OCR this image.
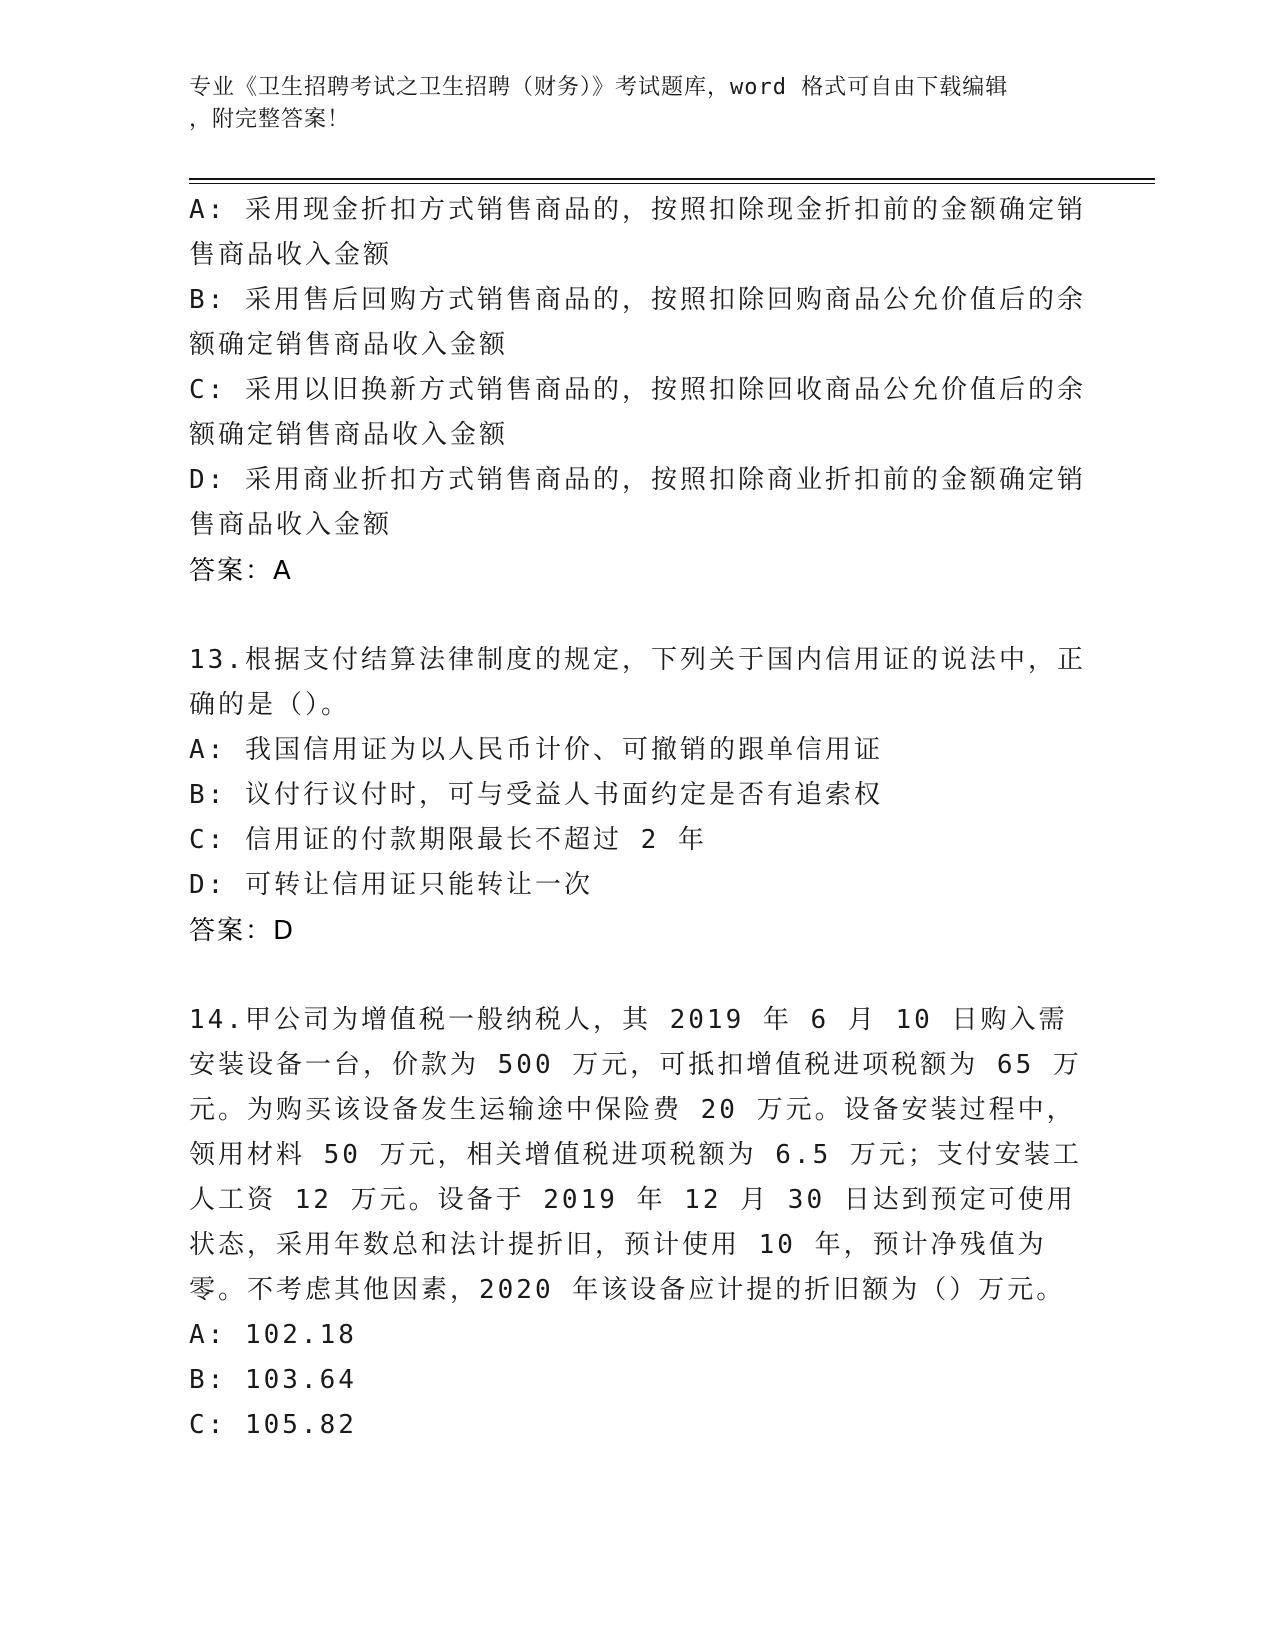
专业《卫生招聘考试之卫生招聘（财务）》考试题库，word 格式可自由下载编辑
，附完整答案！
A: 采用现金折扣方式销售商品的，按照扣除现金折扣前的金额确定销售商品收入金额
B: 采用售后回购方式销售商品的，按照扣除回购商品公允价值后的余额确定销售商品收入金额
C: 采用以旧换新方式销售商品的，按照扣除回收商品公允价值后的余额确定销售商品收入金额
D: 采用商业折扣方式销售商品的，按照扣除商业折扣前的金额确定销售商品收入金额
答案：A
13.根据支付结算法律制度的规定，下列关于国内信用证的说法中，正确的是（）。
A: 我国信用证为以人民币计价、可撤销的跟单信用证
B: 议付行议付时，可与受益人书面约定是否有追索权
C: 信用证的付款期限最长不超过 2 年
D: 可转让信用证只能转让一次
答案：D
14.甲公司为增值税一般纳税人，其 2019 年 6 月 10 日购入需安装设备一台，价款为 500 万元，可抵扣增值税进项税额为 65 万元。为购买该设备发生运输途中保险费 20 万元。设备安装过程中，领用材料 50 万元，相关增值税进项税额为 6.5 万元；支付安装工人工资 12 万元。设备于 2019 年 12 月 30 日达到预定可使用状态，采用年数总和法计提折旧，预计使用 10 年，预计净残值为零。不考虑其他因素，2020 年该设备应计提的折旧额为（）万元。
A: 102.18
B: 103.64
C: 105.82
